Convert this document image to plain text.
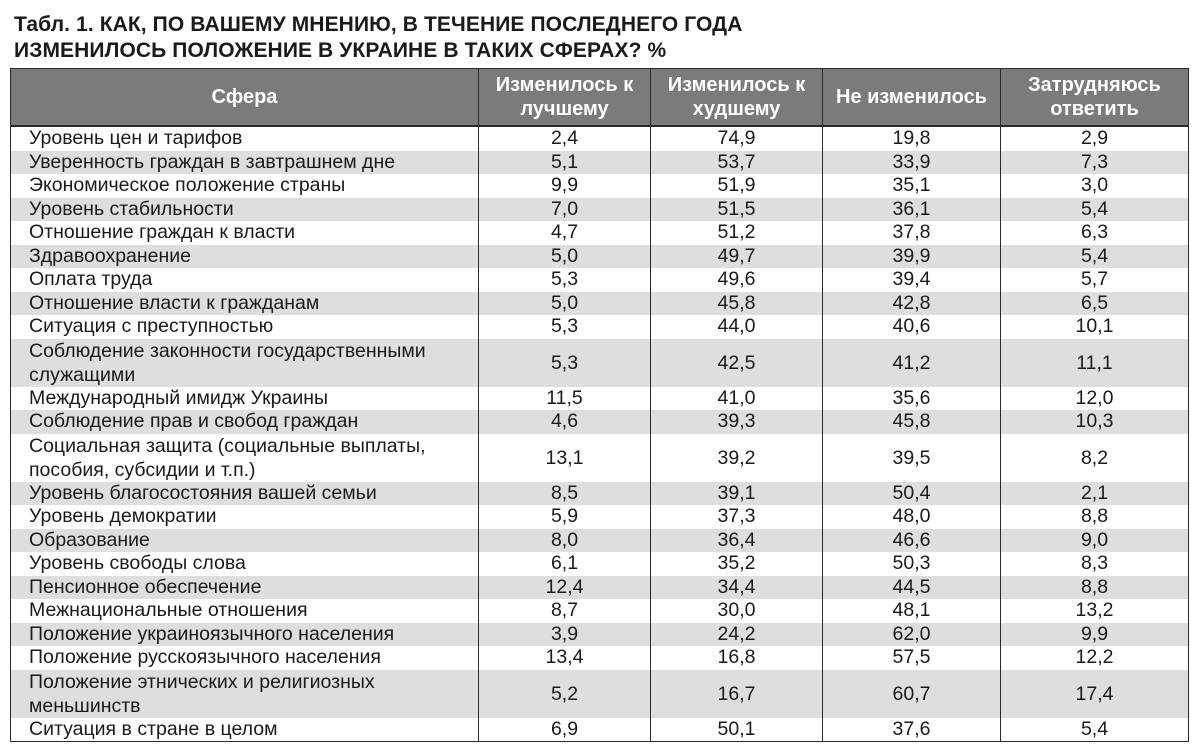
Табл. 1. КАК, ПО ВАШЕМУ МНЕНИЮ, В ТЕЧЕНИЕ ПОСЛЕДНЕГО ГОДА
ИЗМЕНИЛОСЬ ПОЛОЖЕНИЕ В УКРАИНЕ В ТАКИХ СФЕРАХ? %
Сфера	Изменилось к лучшему	Изменилось к худшему	Не изменилось	Затрудняюсь ответить
Уровень цен и тарифов	2,4	74,9	19,8	2,9
Уверенность граждан в завтрашнем дне	5,1	53,7	33,9	7,3
Экономическое положение страны	9,9	51,9	35,1	3,0
Уровень стабильности	7,0	51,5	36,1	5,4
Отношение граждан к власти	4,7	51,2	37,8	6,3
Здравоохранение	5,0	49,7	39,9	5,4
Оплата труда	5,3	49,6	39,4	5,7
Отношение власти к гражданам	5,0	45,8	42,8	6,5
Ситуация с преступностью	5,3	44,0	40,6	10,1
Соблюдение законности государственными служащими	5,3	42,5	41,2	11,1
Международный имидж Украины	11,5	41,0	35,6	12,0
Соблюдение прав и свобод граждан	4,6	39,3	45,8	10,3
Социальная защита (социальные выплаты, пособия, субсидии и т.п.)	13,1	39,2	39,5	8,2
Уровень благосостояния вашей семьи	8,5	39,1	50,4	2,1
Уровень демократии	5,9	37,3	48,0	8,8
Образование	8,0	36,4	46,6	9,0
Уровень свободы слова	6,1	35,2	50,3	8,3
Пенсионное обеспечение	12,4	34,4	44,5	8,8
Межнациональные отношения	8,7	30,0	48,1	13,2
Положение украиноязычного населения	3,9	24,2	62,0	9,9
Положение русскоязычного населения	13,4	16,8	57,5	12,2
Положение этнических и религиозных меньшинств	5,2	16,7	60,7	17,4
Ситуация в стране в целом	6,9	50,1	37,6	5,4
